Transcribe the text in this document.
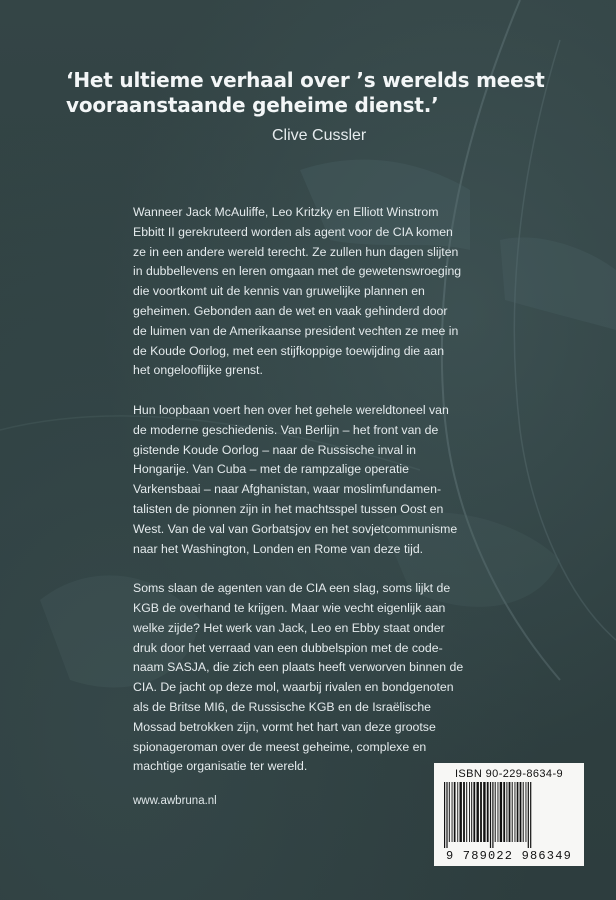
‘Het ultieme verhaal over ’s werelds meest
vooraanstaande geheime dienst.’

Clive Cussler

Wanneer Jack McAuliffe, Leo Kritzky en Elliott Winstrom
Ebbitt II gerekruteerd worden als agent voor de CIA komen
ze in een andere wereld terecht. Ze zullen hun dagen slijten
in dubbellevens en leren omgaan met de gewetenswroeging
die voortkomt uit de kennis van gruwelijke plannen en
geheimen. Gebonden aan de wet en vaak gehinderd door
de luimen van de Amerikaanse president vechten ze mee in
de Koude Oorlog, met een stijfkoppige toewijding die aan
het ongelooflijke grenst.

Hun loopbaan voert hen over het gehele wereldtoneel van
de moderne geschiedenis. Van Berlijn – het front van de
gistende Koude Oorlog – naar de Russische inval in
Hongarije. Van Cuba – met de rampzalige operatie
Varkensbaai – naar Afghanistan, waar moslimfundamen-
talisten de pionnen zijn in het machtsspel tussen Oost en
West. Van de val van Gorbatsjov en het sovjetcommunisme
naar het Washington, Londen en Rome van deze tijd.

Soms slaan de agenten van de CIA een slag, soms lijkt de
KGB de overhand te krijgen. Maar wie vecht eigenlijk aan
welke zijde? Het werk van Jack, Leo en Ebby staat onder
druk door het verraad van een dubbelspion met de code-
naam SASJA, die zich een plaats heeft verworven binnen de
CIA. De jacht op deze mol, waarbij rivalen en bondgenoten
als de Britse MI6, de Russische KGB en de Israëlische
Mossad betrokken zijn, vormt het hart van deze grootse
spionageroman over de meest geheime, complexe en
machtige organisatie ter wereld.

www.awbruna.nl
ISBN 90-229-8634-9
9 789022 986349
